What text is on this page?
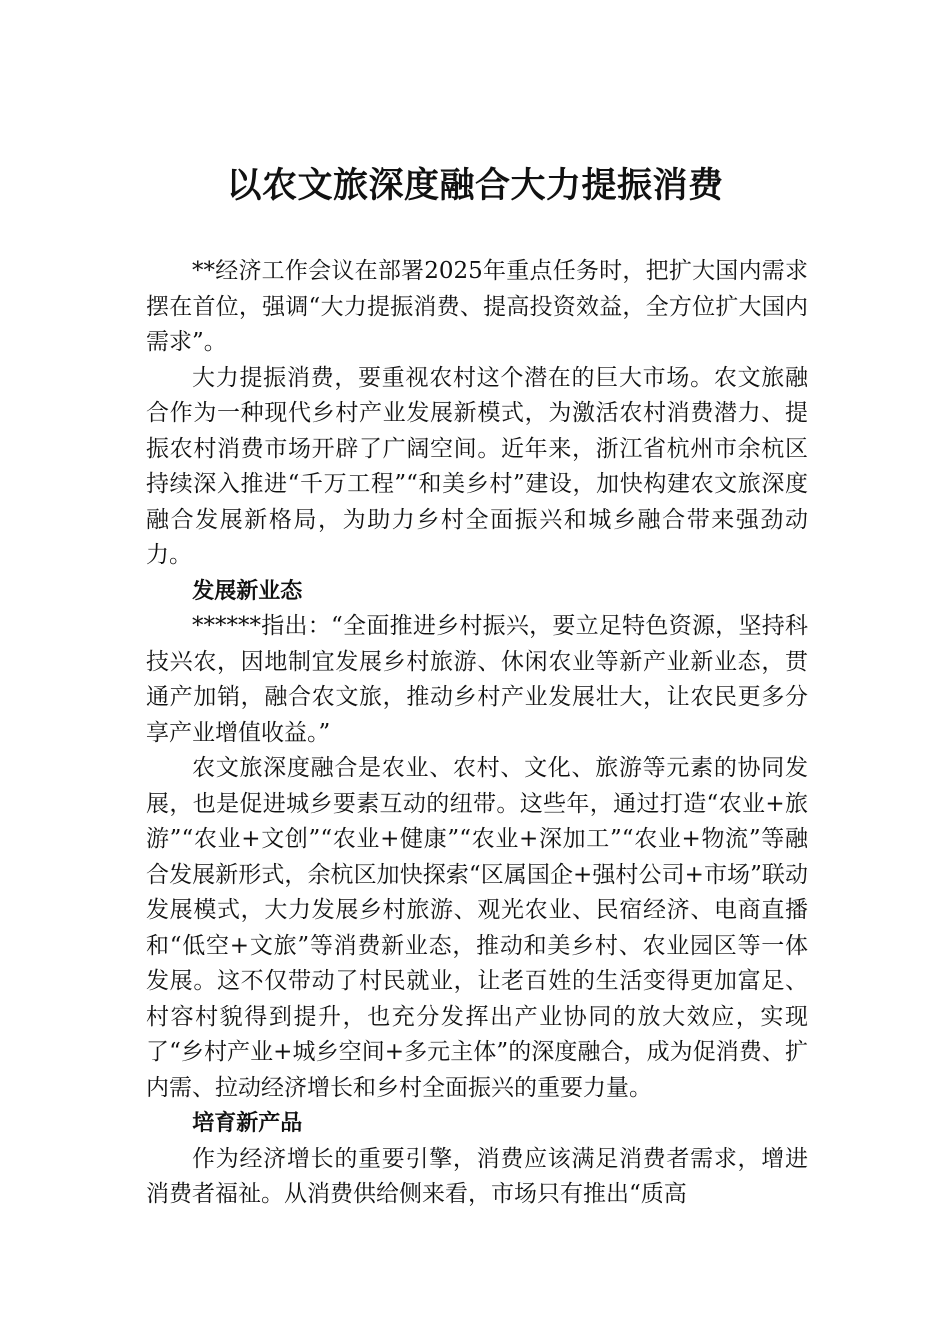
以农文旅深度融合大力提振消费

**经济工作会议在部署2025年重点任务时，把扩大国内需求摆在首位，强调“大力提振消费、提高投资效益，全方位扩大国内需求”。

大力提振消费，要重视农村这个潜在的巨大市场。农文旅融合作为一种现代乡村产业发展新模式，为激活农村消费潜力、提振农村消费市场开辟了广阔空间。近年来，浙江省杭州市余杭区持续深入推进“千万工程”“和美乡村”建设，加快构建农文旅深度融合发展新格局，为助力乡村全面振兴和城乡融合带来强劲动力。

发展新业态

******指出：“全面推进乡村振兴，要立足特色资源，坚持科技兴农，因地制宜发展乡村旅游、休闲农业等新产业新业态，贯通产加销，融合农文旅，推动乡村产业发展壮大，让农民更多分享产业增值收益。”

农文旅深度融合是农业、农村、文化、旅游等元素的协同发展，也是促进城乡要素互动的纽带。这些年，通过打造“农业+旅游”“农业+文创”“农业+健康”“农业+深加工”“农业+物流”等融合发展新形式，余杭区加快探索“区属国企+强村公司+市场”联动发展模式，大力发展乡村旅游、观光农业、民宿经济、电商直播和“低空+文旅”等消费新业态，推动和美乡村、农业园区等一体发展。这不仅带动了村民就业，让老百姓的生活变得更加富足、村容村貌得到提升，也充分发挥出产业协同的放大效应，实现了“乡村产业+城乡空间+多元主体”的深度融合，成为促消费、扩内需、拉动经济增长和乡村全面振兴的重要力量。

培育新产品

作为经济增长的重要引擎，消费应该满足消费者需求，增进消费者福祉。从消费供给侧来看，市场只有推出“质高
